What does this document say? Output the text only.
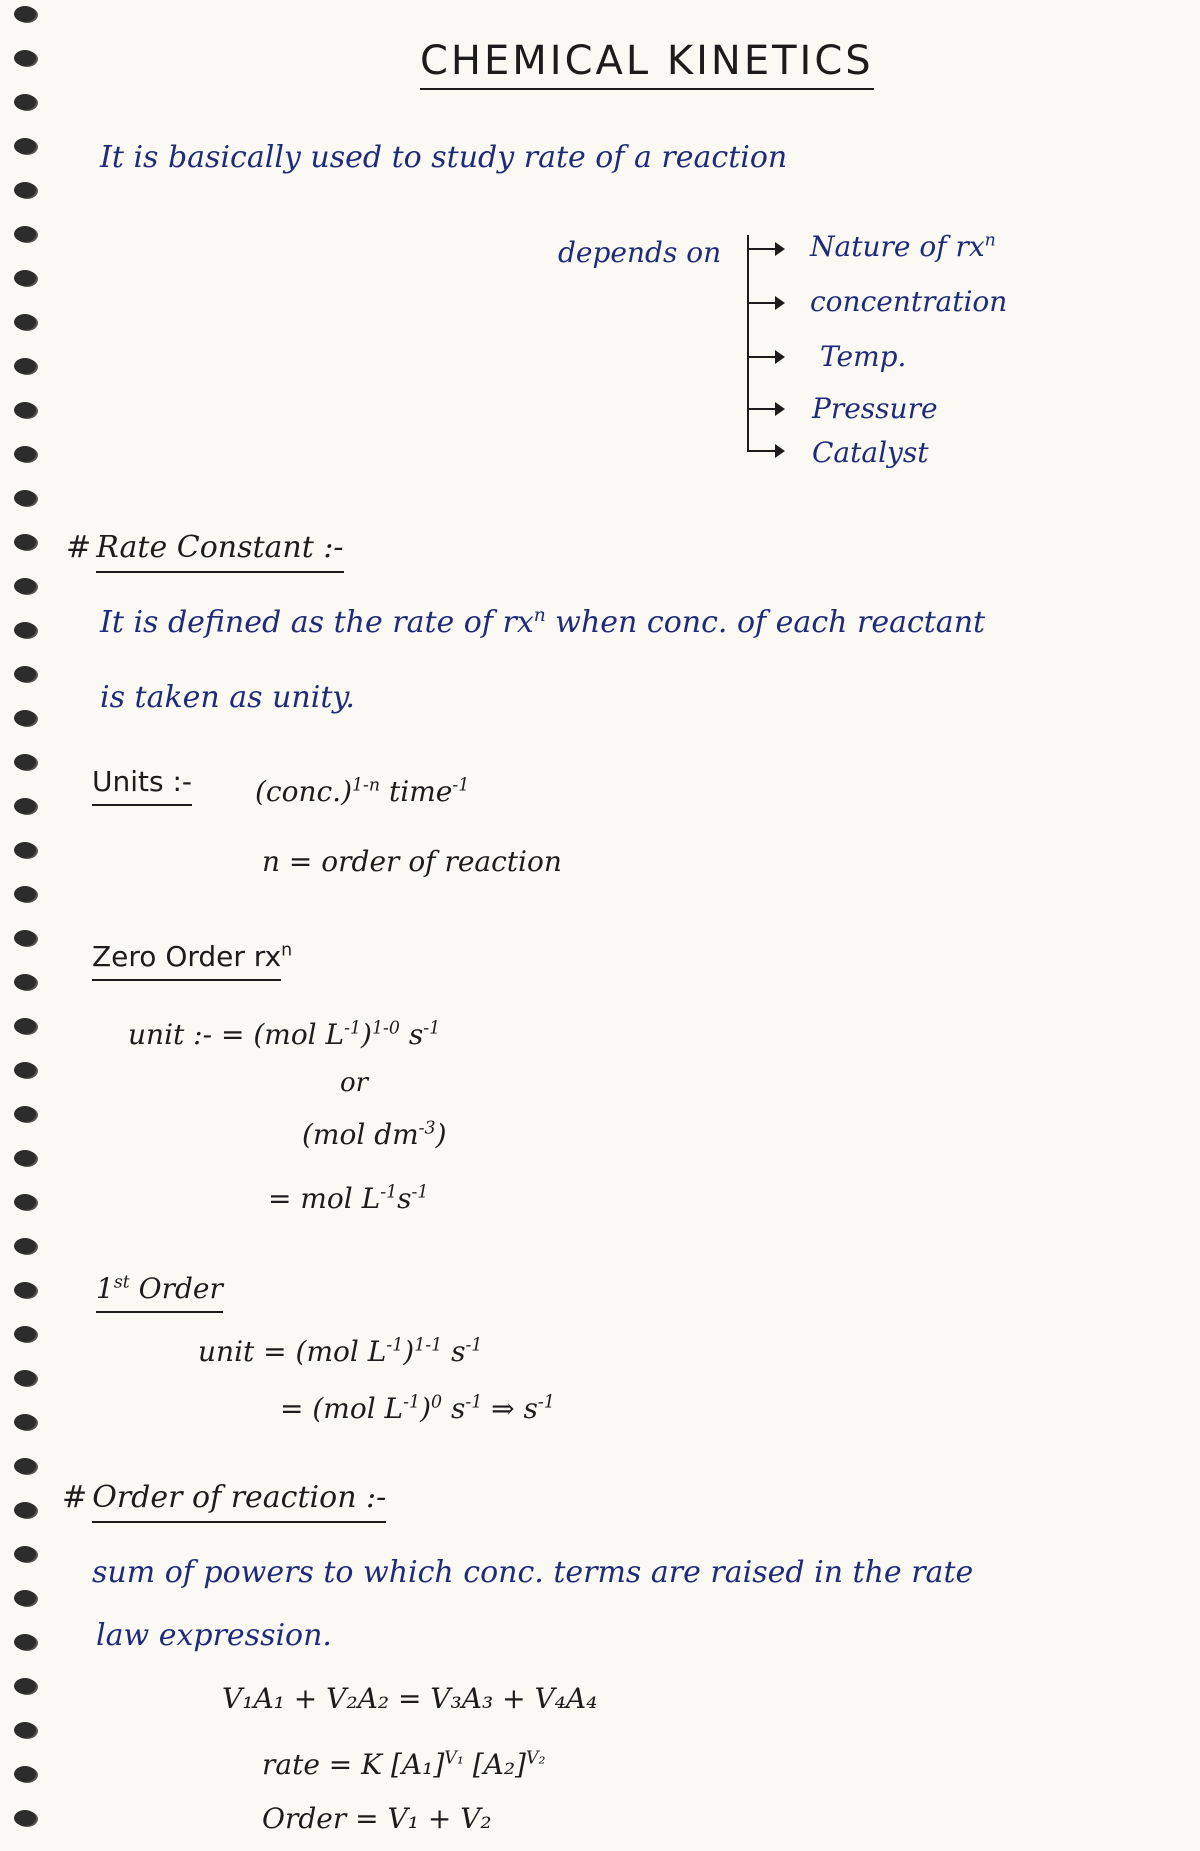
CHEMICAL KINETICS
It is basically used to study rate of a reaction
depends on	Nature of $rx^n$
concentration
Temp.
Pressure
Catalyst
# Rate Constant :-
It is defined as the rate of $rx^n$ when conc. of each reactant
is taken as unity.
Units :- (conc.)$^{1-n}$ time$^{-1}$
n = order of reaction
Zero Order $rx^n$
unit :- = (mol $L^{-1})^{1-0}$ $s^{-1}$
or
(mol $dm^{-3}$)
= mol $L^{-1}s^{-1}$
1st Order
unit = (mol $L^{-1})^{1-1}$ $s^{-1}$
= (mol $L^{-1})^0$ $s^{-1}$ ⇒ $s^{-1}$
# Order of reaction :-
sum of powers to which conc. terms are raised in the rate
law expression.
V₁A₁ + V₂A₂ = V₃A₃ + V₄A₄
rate = K $[A_1]^{V_1}$ $[A_2]^{V_2}$
Order = V₁ + V₂
